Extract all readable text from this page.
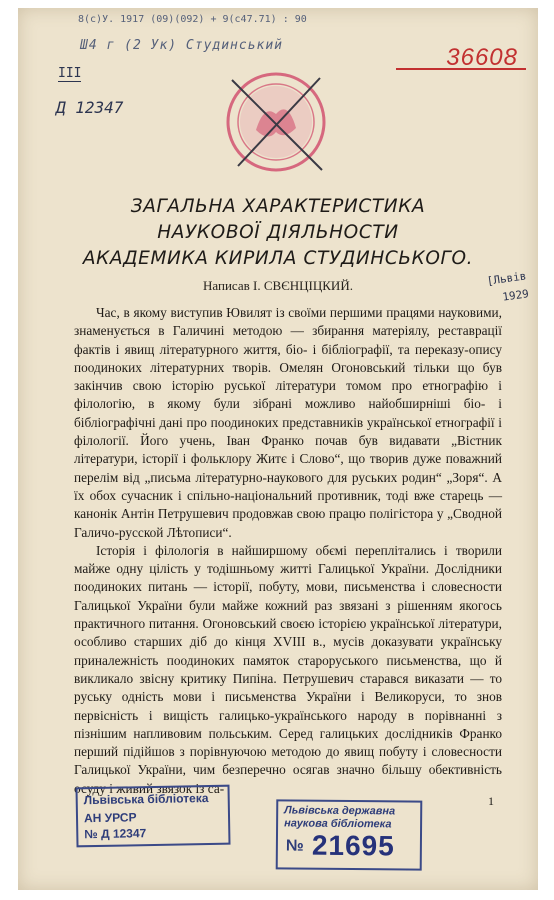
8(с)У. 1917 (09)(092) + 9(с47.71) : 90
Ш4 г (2 Ук) Студинський	36608
III
Д 12347
[Львів
1929
ЗАГАЛЬНА ХАРАКТЕРИСТИКА
НАУКОВОЇ ДІЯЛЬНОСТИ
АКАДЕМИКА КИРИЛА СТУДИНСЬКОГО.
Написав І. СВЄНЦІЦКИЙ.

Час, в якому виступив Ювилят із своїми першими працями науковими, знаменується в Галичині методою — збирання матеріялу, реставрації фактів і явищ літературного життя, біо- і бібліографії, та переказу-опису поодиноких літературних творів. Омелян Огоновський тільки що був закінчив свою історію руської літератури томом про етнографію і філологію, в якому були зібрані можливо найобширніші біо- і бібліографічні дані про поодиноких представників української етнографії і філології. Його учень, Іван Франко почав був видавати „Вістник літератури, історії і фольклору Житє і Слово“, що творив дуже поважний перелім від „письма літературно-наукового для руських родин“ „Зоря“. А їх обох сучасник і спільно-національний противник, тоді вже старець — канонік Антін Петрушевич продовжав свою працю полігістора у „Сводной Галичо-русской Лѣтописи“.

Історія і філологія в найширшому обємі переплітались і творили майже одну цілість у тодішньому житті Галицької України. Дослідники поодиноких питань — історії, побуту, мови, письменства і словесности Галицької України були майже кожний раз звязані з рішенням якогось практичного питання. Огоновський своєю історією української літератури, особливо старших діб до кінця XVIII в., мусів доказувати українську приналежність поодиноких памяток староруського письменства, що й викликало звісну критику Пипіна. Петрушевич старався виказати — то руську одність мови і письменства України і Великоруси, то знов первісність і вищість галицько-українського народу в порівнанні з пізнішим напливовим польським. Серед галицьких дослідників Франко перший підійшов з порівнуючою методою до явищ побуту і словесности Галицької України, чим безперечно осягав значно більшу обективність осуду і живий звязок із са-

1
Львівська бібліотека
АН УРСР
№ Д 12347
Львівська державна
наукова бібліотека
№ 21695
